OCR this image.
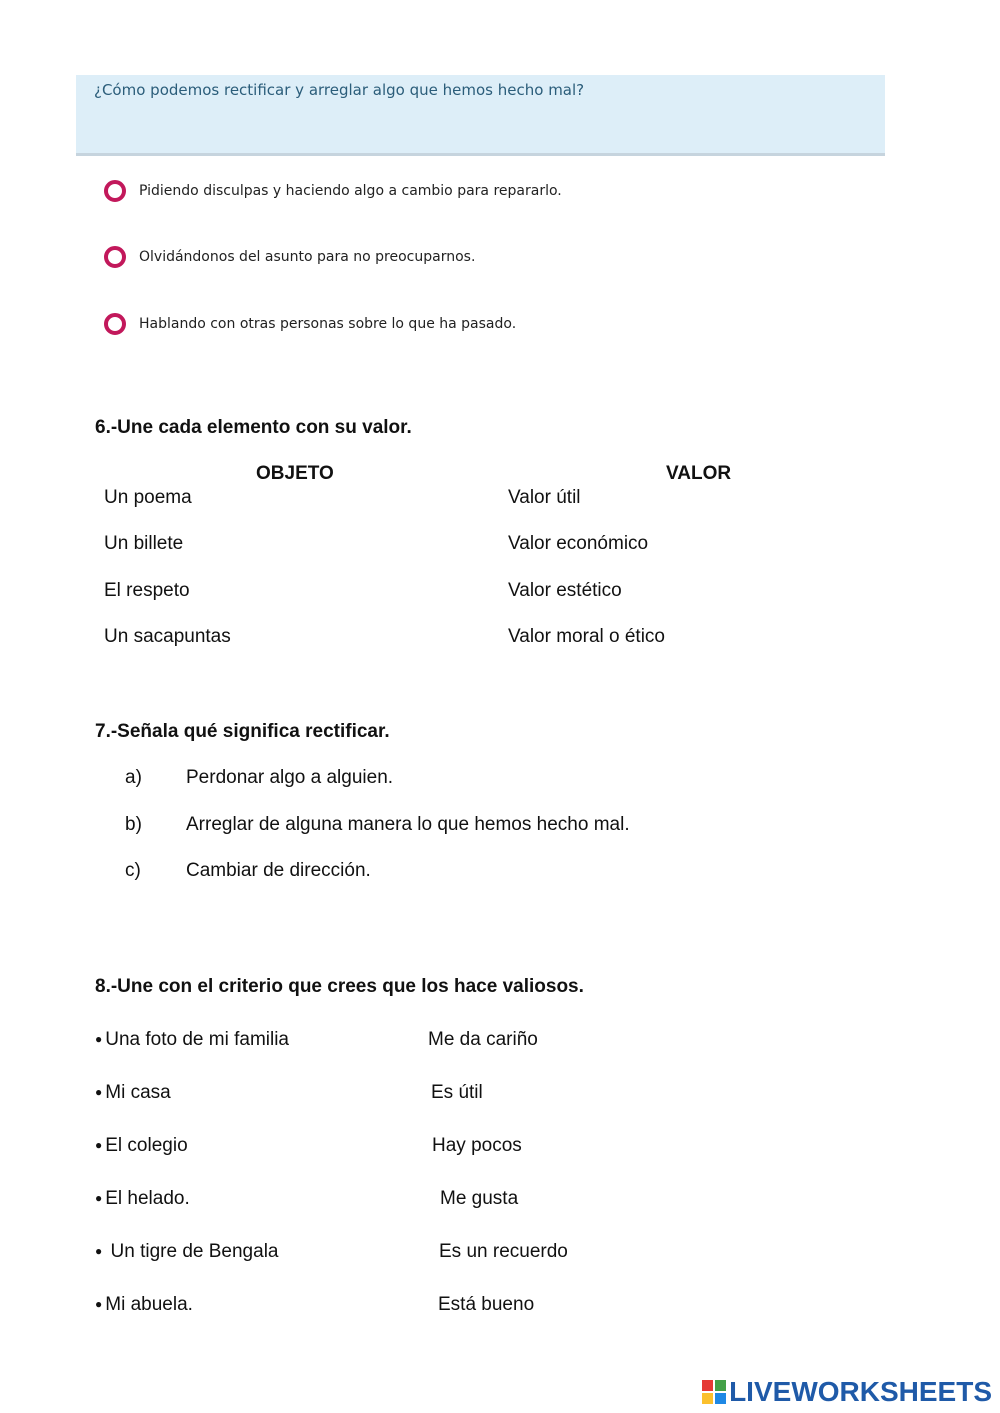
¿Cómo podemos rectificar y arreglar algo que hemos hecho mal?
Pidiendo disculpas y haciendo algo a cambio para repararlo.
Olvidándonos del asunto para no preocuparnos.
Hablando con otras personas sobre lo que ha pasado.
6.-Une cada elemento con su valor.
OBJETO	VALOR
Un poema
Un billete
El respeto
Un sacapuntas
Valor útil
Valor económico
Valor estético
Valor moral o ético
7.-Señala qué significa rectificar.
a) Perdonar algo a alguien.
b) Arreglar de alguna manera lo que hemos hecho mal.
c) Cambiar de dirección.
8.-Une con el criterio que crees que los hace valiosos.
● Una foto de mi familia
● Mi casa
● El colegio
● El helado.
●  Un tigre de Bengala
● Mi abuela.
Me da cariño
Es útil
Hay pocos
Me gusta
Es un recuerdo
Está bueno
LIVEWORKSHEETS
